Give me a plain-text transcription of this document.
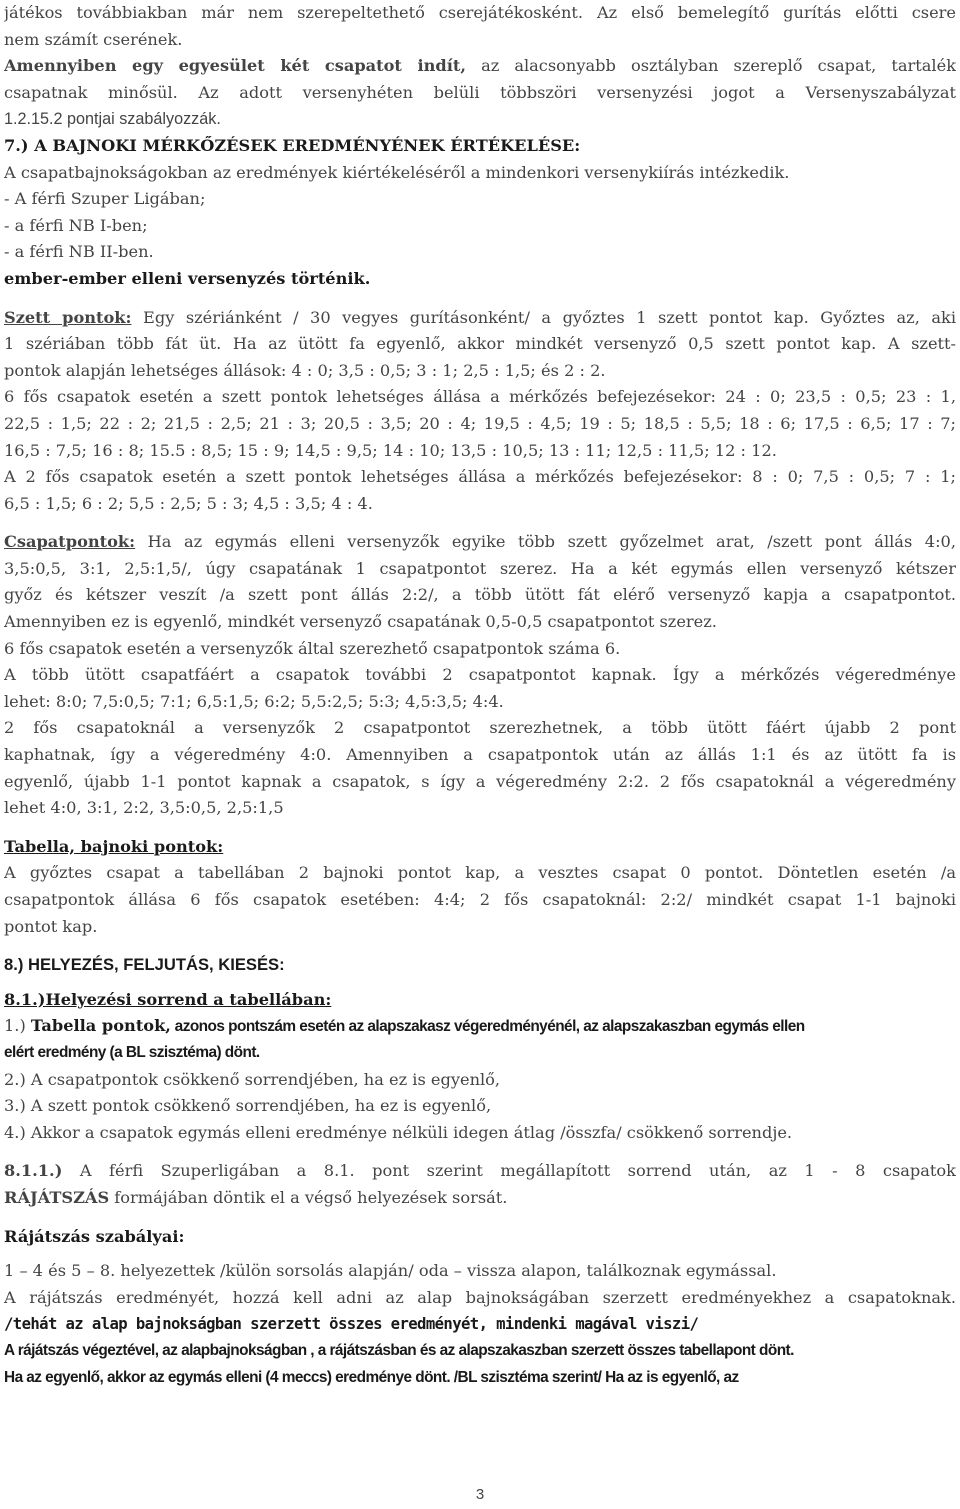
játékos továbbiakban már nem szerepeltethető cserejátékosként. Az első bemelegítő gurítás előtti csere
nem számít cserének.
Amennyiben egy egyesület két csapatot indít, az alacsonyabb osztályban szereplő csapat, tartalék
csapatnak minősül. Az adott versenyhéten belüli többszöri versenyzési jogot a Versenyszabályzat
1.2.15.2 pontjai szabályozzák.
7.) A BAJNOKI MÉRKŐZÉSEK EREDMÉNYÉNEK ÉRTÉKELÉSE:
A csapatbajnokságokban az eredmények kiértékeléséről a mindenkori versenykiírás intézkedik.
- A férfi Szuper Ligában;
- a férfi NB I-ben;
- a férfi NB II-ben.
ember-ember elleni versenyzés történik.
Szett pontok: Egy szériánként / 30 vegyes gurításonként/ a győztes 1 szett pontot kap. Győztes az, aki
1 szériában több fát üt. Ha az ütött fa egyenlő, akkor mindkét versenyző 0,5 szett pontot kap. A szett-
pontok alapján lehetséges állások: 4 : 0; 3,5 : 0,5; 3 : 1; 2,5 : 1,5; és 2 : 2.
6 fős csapatok esetén a szett pontok lehetséges állása a mérkőzés befejezésekor: 24 : 0; 23,5 : 0,5; 23 : 1,
22,5 : 1,5; 22 : 2; 21,5 : 2,5; 21 : 3; 20,5 : 3,5; 20 : 4; 19,5 : 4,5; 19 : 5; 18,5 : 5,5; 18 : 6; 17,5 : 6,5; 17 : 7;
16,5 : 7,5; 16 : 8; 15.5 : 8,5; 15 : 9; 14,5 : 9,5; 14 : 10; 13,5 : 10,5; 13 : 11; 12,5 : 11,5; 12 : 12.
A 2 fős csapatok esetén a szett pontok lehetséges állása a mérkőzés befejezésekor: 8 : 0; 7,5 : 0,5; 7 : 1;
6,5 : 1,5; 6 : 2; 5,5 : 2,5; 5 : 3; 4,5 : 3,5; 4 : 4.
Csapatpontok: Ha az egymás elleni versenyzők egyike több szett győzelmet arat, /szett pont állás 4:0,
3,5:0,5, 3:1, 2,5:1,5/, úgy csapatának 1 csapatpontot szerez. Ha a két egymás ellen versenyző kétszer
győz és kétszer veszít /a szett pont állás 2:2/, a több ütött fát elérő versenyző kapja a csapatpontot.
Amennyiben ez is egyenlő, mindkét versenyző csapatának 0,5-0,5 csapatpontot szerez.
6 fős csapatok esetén a versenyzők által szerezhető csapatpontok száma 6.
A több ütött csapatfáért a csapatok további 2 csapatpontot kapnak. Így a mérkőzés végeredménye
lehet: 8:0; 7,5:0,5; 7:1; 6,5:1,5; 6:2; 5,5:2,5; 5:3; 4,5:3,5; 4:4.
2 fős csapatoknál a versenyzők 2 csapatpontot szerezhetnek, a több ütött fáért újabb 2 pont
kaphatnak, így a végeredmény 4:0. Amennyiben a csapatpontok után az állás 1:1 és az ütött fa is
egyenlő, újabb 1-1 pontot kapnak a csapatok, s így a végeredmény 2:2. 2 fős csapatoknál a végeredmény
lehet 4:0, 3:1, 2:2, 3,5:0,5, 2,5:1,5
Tabella, bajnoki pontok:
A győztes csapat a tabellában 2 bajnoki pontot kap, a vesztes csapat 0 pontot. Döntetlen esetén /a
csapatpontok állása 6 fős csapatok esetében: 4:4; 2 fős csapatoknál: 2:2/ mindkét csapat 1-1 bajnoki
pontot kap.
8.) HELYEZÉS, FELJUTÁS, KIESÉS:
8.1.)Helyezési sorrend a tabellában:
1.) Tabella pontok, azonos pontszám esetén az alapszakasz végeredményénél, az alapszakaszban egymás ellen
elért eredmény (a BL szisztéma) dönt.
2.) A csapatpontok csökkenő sorrendjében, ha ez is egyenlő,
3.) A szett pontok csökkenő sorrendjében, ha ez is egyenlő,
4.) Akkor a csapatok egymás elleni eredménye nélküli idegen átlag /összfa/ csökkenő sorrendje.
8.1.1.) A férfi Szuperligában a 8.1. pont szerint megállapított sorrend után, az 1 - 8 csapatok
RÁJÁTSZÁS formájában döntik el a végső helyezések sorsát.
Rájátszás szabályai:
1 – 4 és 5 – 8. helyezettek /külön sorsolás alapján/ oda – vissza alapon, találkoznak egymással.
A rájátszás eredményét, hozzá kell adni az alap bajnokságában szerzett eredményekhez a csapatoknak.
/tehát az alap bajnokságban szerzett összes eredményét, mindenki magával viszi/
A rájátszás végeztével, az alapbajnokságban , a rájátszásban és az alapszakaszban szerzett összes tabellapont dönt.
Ha az egyenlő, akkor az egymás elleni (4 meccs) eredménye dönt. /BL szisztéma szerint/ Ha az is egyenlő, az
3
